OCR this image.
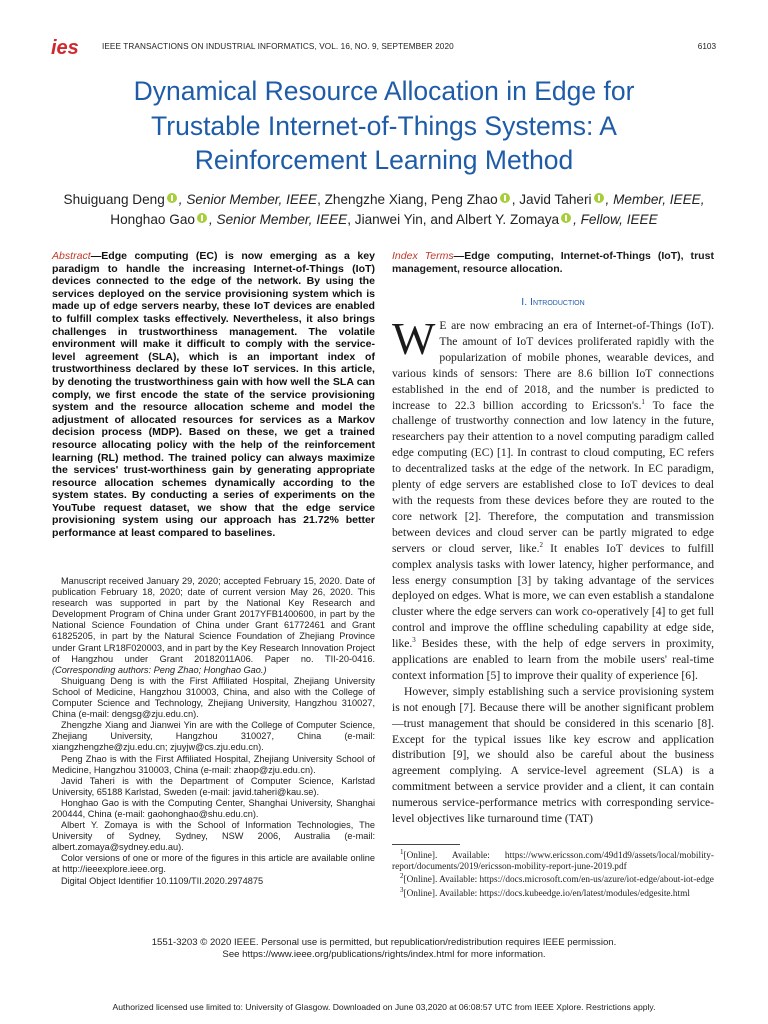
ies	IEEE TRANSACTIONS ON INDUSTRIAL INFORMATICS, VOL. 16, NO. 9, SEPTEMBER 2020	6103
Dynamical Resource Allocation in Edge for
Trustable Internet-of-Things Systems: A
Reinforcement Learning Method
Shuiguang Deng , Senior Member, IEEE, Zhengzhe Xiang, Peng Zhao , Javid Taheri , Member, IEEE,
Honghao Gao , Senior Member, IEEE, Jianwei Yin, and Albert Y. Zomaya , Fellow, IEEE
Abstract—Edge computing (EC) is now emerging as a key paradigm to handle the increasing Internet-of-Things (IoT) devices connected to the edge of the network. By using the services deployed on the service provisioning system which is made up of edge servers nearby, these IoT devices are enabled to fulfill complex tasks effectively. Nevertheless, it also brings challenges in trustworthiness management. The volatile environment will make it difficult to comply with the service-level agreement (SLA), which is an important index of trustworthiness declared by these IoT services. In this article, by denoting the trustworthiness gain with how well the SLA can comply, we first encode the state of the service provisioning system and the resource allocation scheme and model the adjustment of allocated resources for services as a Markov decision process (MDP). Based on these, we get a trained resource allocating policy with the help of the reinforcement learning (RL) method. The trained policy can always maximize the services' trust-worthiness gain by generating appropriate resource allocation schemes dynamically according to the system states. By conducting a series of experiments on the YouTube request dataset, we show that the edge service provisioning system using our approach has 21.72% better performance at least compared to baselines.

Manuscript received January 29, 2020; accepted February 15, 2020. Date of publication February 18, 2020; date of current version May 26, 2020. This research was supported in part by the National Key Research and Development Program of China under Grant 2017YFB1400600, in part by the National Science Foundation of China under Grant 61772461 and Grant 61825205, in part by the Natural Science Foundation of Zhejiang Province under Grant LR18F020003, and in part by the Key Research Innovation Project of Hangzhou under Grant 20182011A06. Paper no. TII-20-0416. (Corresponding authors: Peng Zhao; Honghao Gao.)

Shuiguang Deng is with the First Affiliated Hospital, Zhejiang University School of Medicine, Hangzhou 310003, China, and also with the College of Computer Science and Technology, Zhejiang University, Hangzhou 310027, China (e-mail: dengsg@zju.edu.cn).

Zhengzhe Xiang and Jianwei Yin are with the College of Computer Science, Zhejiang University, Hangzhou 310027, China (e-mail: xiangzhengzhe@zju.edu.cn; zjuyjw@cs.zju.edu.cn).

Peng Zhao is with the First Affiliated Hospital, Zhejiang University School of Medicine, Hangzhou 310003, China (e-mail: zhaop@zju.edu.cn).

Javid Taheri is with the Department of Computer Science, Karlstad University, 65188 Karlstad, Sweden (e-mail: javid.taheri@kau.se).

Honghao Gao is with the Computing Center, Shanghai University, Shanghai 200444, China (e-mail: gaohonghao@shu.edu.cn).

Albert Y. Zomaya is with the School of Information Technologies, The University of Sydney, Sydney, NSW 2006, Australia (e-mail: albert.zomaya@sydney.edu.au).

Color versions of one or more of the figures in this article are available online at http://ieeexplore.ieee.org.

Digital Object Identifier 10.1109/TII.2020.2974875

Index Terms—Edge computing, Internet-of-Things (IoT), trust management, resource allocation.
I. Introduction

W E are now embracing an era of Internet-of-Things (IoT). The amount of IoT devices proliferated rapidly with the popularization of mobile phones, wearable devices, and various kinds of sensors: There are 8.6 billion IoT connections established in the end of 2018, and the number is predicted to increase to 22.3 billion according to Ericsson's.$^1$ To face the challenge of trustworthy connection and low latency in the future, researchers pay their attention to a novel computing paradigm called edge computing (EC) [1]. In contrast to cloud computing, EC refers to decentralized tasks at the edge of the network. In EC paradigm, plenty of edge servers are established close to IoT devices to deal with the requests from these devices before they are routed to the core network [2]. Therefore, the computation and transmission between devices and cloud server can be partly migrated to edge servers or cloud server, like.$^2$ It enables IoT devices to fulfill complex analysis tasks with lower latency, higher performance, and less energy consumption [3] by taking advantage of the services deployed on edges. What is more, we can even establish a standalone cluster where the edge servers can work co-operatively [4] to get full control and improve the offline scheduling capability at edge side, like.$^3$ Besides these, with the help of edge servers in proximity, applications are enabled to learn from the mobile users' real-time context information [5] to improve their quality of experience [6].

However, simply establishing such a service provisioning system is not enough [7]. Because there will be another significant problem—trust management that should be considered in this scenario [8]. Except for the typical issues like key escrow and application distribution [9], we should also be careful about the business agreement complying. A service-level agreement (SLA) is a commitment between a service provider and a client, it can contain numerous service-performance metrics with corresponding service-level objectives like turnaround time (TAT)

$^1$[Online]. Available: https://www.ericsson.com/49d1d9/assets/local/mobility-report/documents/2019/ericsson-mobility-report-june-2019.pdf

$^2$[Online]. Available: https://docs.microsoft.com/en-us/azure/iot-edge/about-iot-edge

$^3$[Online]. Available: https://docs.kubeedge.io/en/latest/modules/edgesite.html

1551-3203 © 2020 IEEE. Personal use is permitted, but republication/redistribution requires IEEE permission.
See https://www.ieee.org/publications/rights/index.html for more information.
Authorized licensed use limited to: University of Glasgow. Downloaded on June 03,2020 at 06:08:57 UTC from IEEE Xplore. Restrictions apply.
